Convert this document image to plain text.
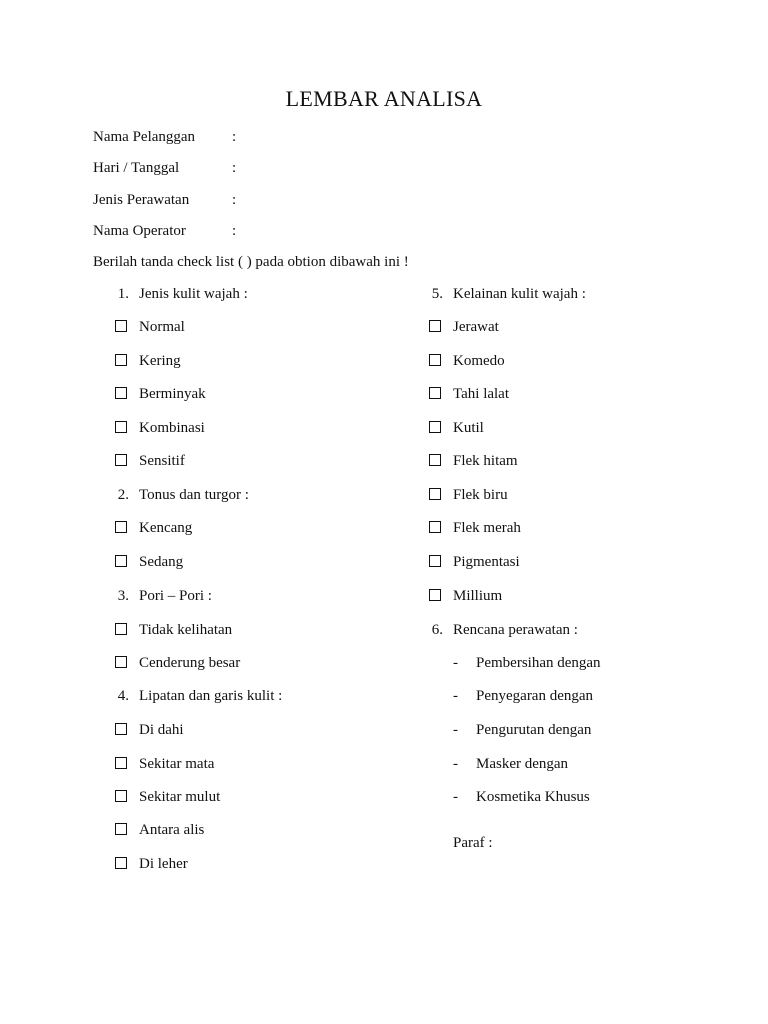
LEMBAR ANALISA
Nama Pelanggan :
Hari / Tanggal	:
Jenis Perawatan	:
Nama Operator	:
Berilah tanda check list ( ) pada obtion dibawah ini !
1. Jenis kulit wajah :
Normal
Kering
Berminyak
Kombinasi
Sensitif
2. Tonus dan turgor :
Kencang
Sedang
3. Pori – Pori :
Tidak kelihatan
Cenderung besar
4. Lipatan dan garis kulit :
Di dahi
Sekitar mata
Sekitar mulut
Antara alis
Di leher
5. Kelainan kulit wajah :
Jerawat
Komedo
Tahi lalat
Kutil
Flek hitam
Flek biru
Flek merah
Pigmentasi
Millium
6. Rencana perawatan :
- Pembersihan dengan
- Penyegaran dengan
- Pengurutan dengan
- Masker dengan
- Kosmetika Khusus
Paraf :
